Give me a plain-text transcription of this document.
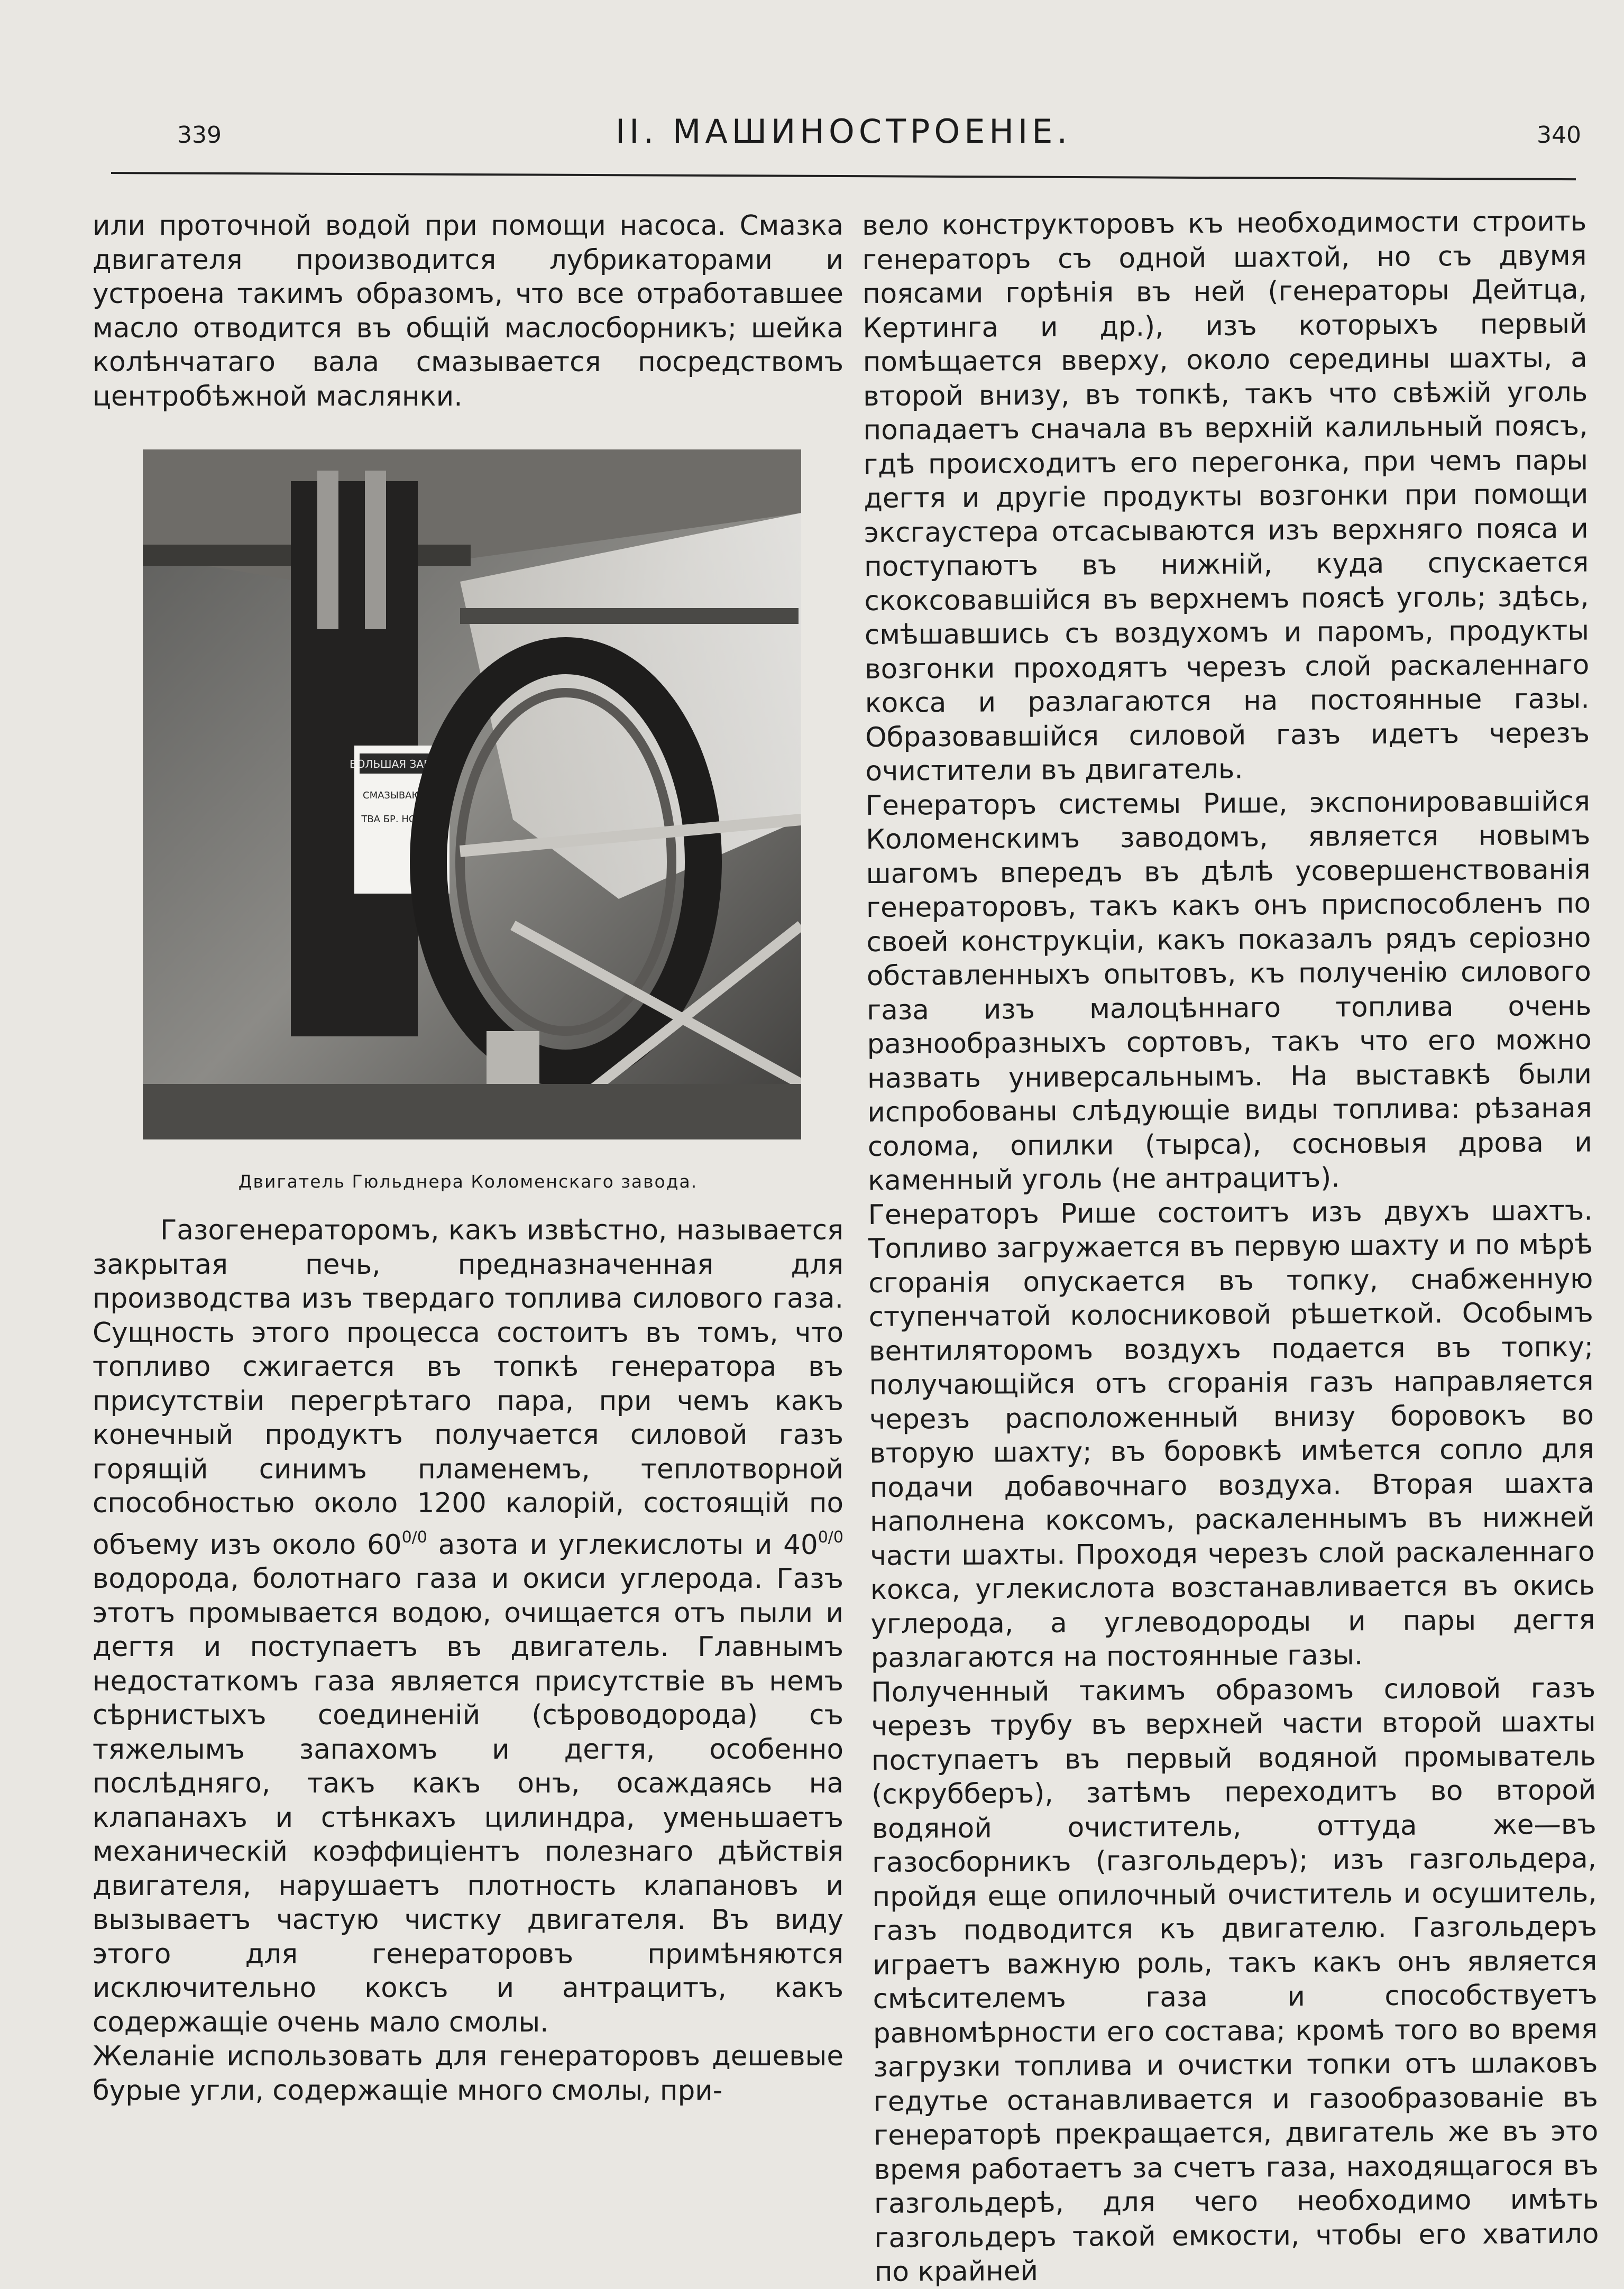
339	II. МАШИНОСТРОЕНІЕ.	340

или проточной водой при помощи насоса. Смазка двигателя производится лубрикаторами и устроена такимъ образомъ, что все отработавшее масло отводится въ общій маслосборникъ; шейка колѣнчатаго вала смазывается посредствомъ центробѣжной маслянки.

БОЛЬШАЯ ЗАПЕЧЪ
СМАЗЫВАЮТСЯ
ТВА БР. НОБЕЛЬ
Двигатель Гюльднера Коломенскаго завода.

Газогенераторомъ, какъ извѣстно, называется закрытая печь, предназначенная для производства изъ твердаго топлива силового газа. Сущность этого процесса состоитъ въ томъ, что топливо сжигается въ топкѣ генератора въ присутствіи перегрѣтаго пара, при чемъ какъ конечный продуктъ получается силовой газъ горящій синимъ пламенемъ, теплотворной способностью около 1200 калорій, состоящій по объему изъ около $60^{0/0}$ азота и углекислоты и $40^{0/0}$ водорода, болотнаго газа и окиси углерода. Газъ этотъ промывается водою, очищается отъ пыли и дегтя и поступаетъ въ двигатель. Главнымъ недостаткомъ газа является присутствіе въ немъ сѣрнистыхъ соединеній (сѣроводорода) съ тяжелымъ запахомъ и дегтя, особенно послѣдняго, такъ какъ онъ, осаждаясь на клапанахъ и стѣнкахъ цилиндра, уменьшаетъ механическій коэффиціентъ полезнаго дѣйствія двигателя, нарушаетъ плотность клапановъ и вызываетъ частую чистку двигателя. Въ виду этого для генераторовъ примѣняются исключительно коксъ и антрацитъ, какъ содержащіе очень мало смолы.

Желаніе использовать для генераторовъ дешевые бурые угли, содержащіе много смолы, при-

вело конструкторовъ къ необходимости строить генераторъ съ одной шахтой, но съ двумя поясами горѣнія въ ней (генераторы Дейтца, Кертинга и др.), изъ которыхъ первый помѣщается вверху, около середины шахты, а второй внизу, въ топкѣ, такъ что свѣжій уголь попадаетъ сначала въ верхній калильный поясъ, гдѣ происходитъ его перегонка, при чемъ пары дегтя и другіе продукты возгонки при помощи эксгаустера отсасываются изъ верхняго пояса и поступаютъ въ нижній, куда спускается скоксовавшійся въ верхнемъ поясѣ уголь; здѣсь, смѣшавшись съ воздухомъ и паромъ, продукты возгонки проходятъ черезъ слой раскаленнаго кокса и разлагаются на постоянные газы. Образовавшійся силовой газъ идетъ черезъ очистители въ двигатель.

Генераторъ системы Рише, экспонировавшійся Коломенскимъ заводомъ, является новымъ шагомъ впередъ въ дѣлѣ усовершенствованія генераторовъ, такъ какъ онъ приспособленъ по своей конструкціи, какъ показалъ рядъ серіозно обставленныхъ опытовъ, къ полученію силового газа изъ малоцѣннаго топлива очень разнообразныхъ сортовъ, такъ что его можно назвать универсальнымъ. На выставкѣ были испробованы слѣдующіе виды топлива: рѣзаная солома, опилки (тырса), сосновыя дрова и каменный уголь (не антрацитъ).

Генераторъ Рише состоитъ изъ двухъ шахтъ. Топливо загружается въ первую шахту и по мѣрѣ сгоранія опускается въ топку, снабженную ступенчатой колосниковой рѣшеткой. Особымъ вентиляторомъ воздухъ подается въ топку; получающійся отъ сгоранія газъ направляется черезъ расположенный внизу боровокъ во вторую шахту; въ боровкѣ имѣется сопло для подачи добавочнаго воздуха. Вторая шахта наполнена коксомъ, раскаленнымъ въ нижней части шахты. Проходя черезъ слой раскаленнаго кокса, углекислота возстанавливается въ окись углерода, а углеводороды и пары дегтя разлагаются на постоянные газы.

Полученный такимъ образомъ силовой газъ черезъ трубу въ верхней части второй шахты поступаетъ въ первый водяной промыватель (скрубберъ), затѣмъ переходитъ во второй водяной очиститель, оттуда же—въ газосборникъ (газгольдеръ); изъ газгольдера, пройдя еще опилочный очиститель и осушитель, газъ подводится къ двигателю. Газгольдеръ играетъ важную роль, такъ какъ онъ является смѣсителемъ газа и способствуетъ равномѣрности его состава; кромѣ того во время загрузки топлива и очистки топки отъ шлаковъ гедутье останавливается и газообразованіе въ генераторѣ прекращается, двигатель же въ это время работаетъ за счетъ газа, находящагося въ газгольдерѣ, для чего необходимо имѣть газгольдеръ такой емкости, чтобы его хватило по крайней
